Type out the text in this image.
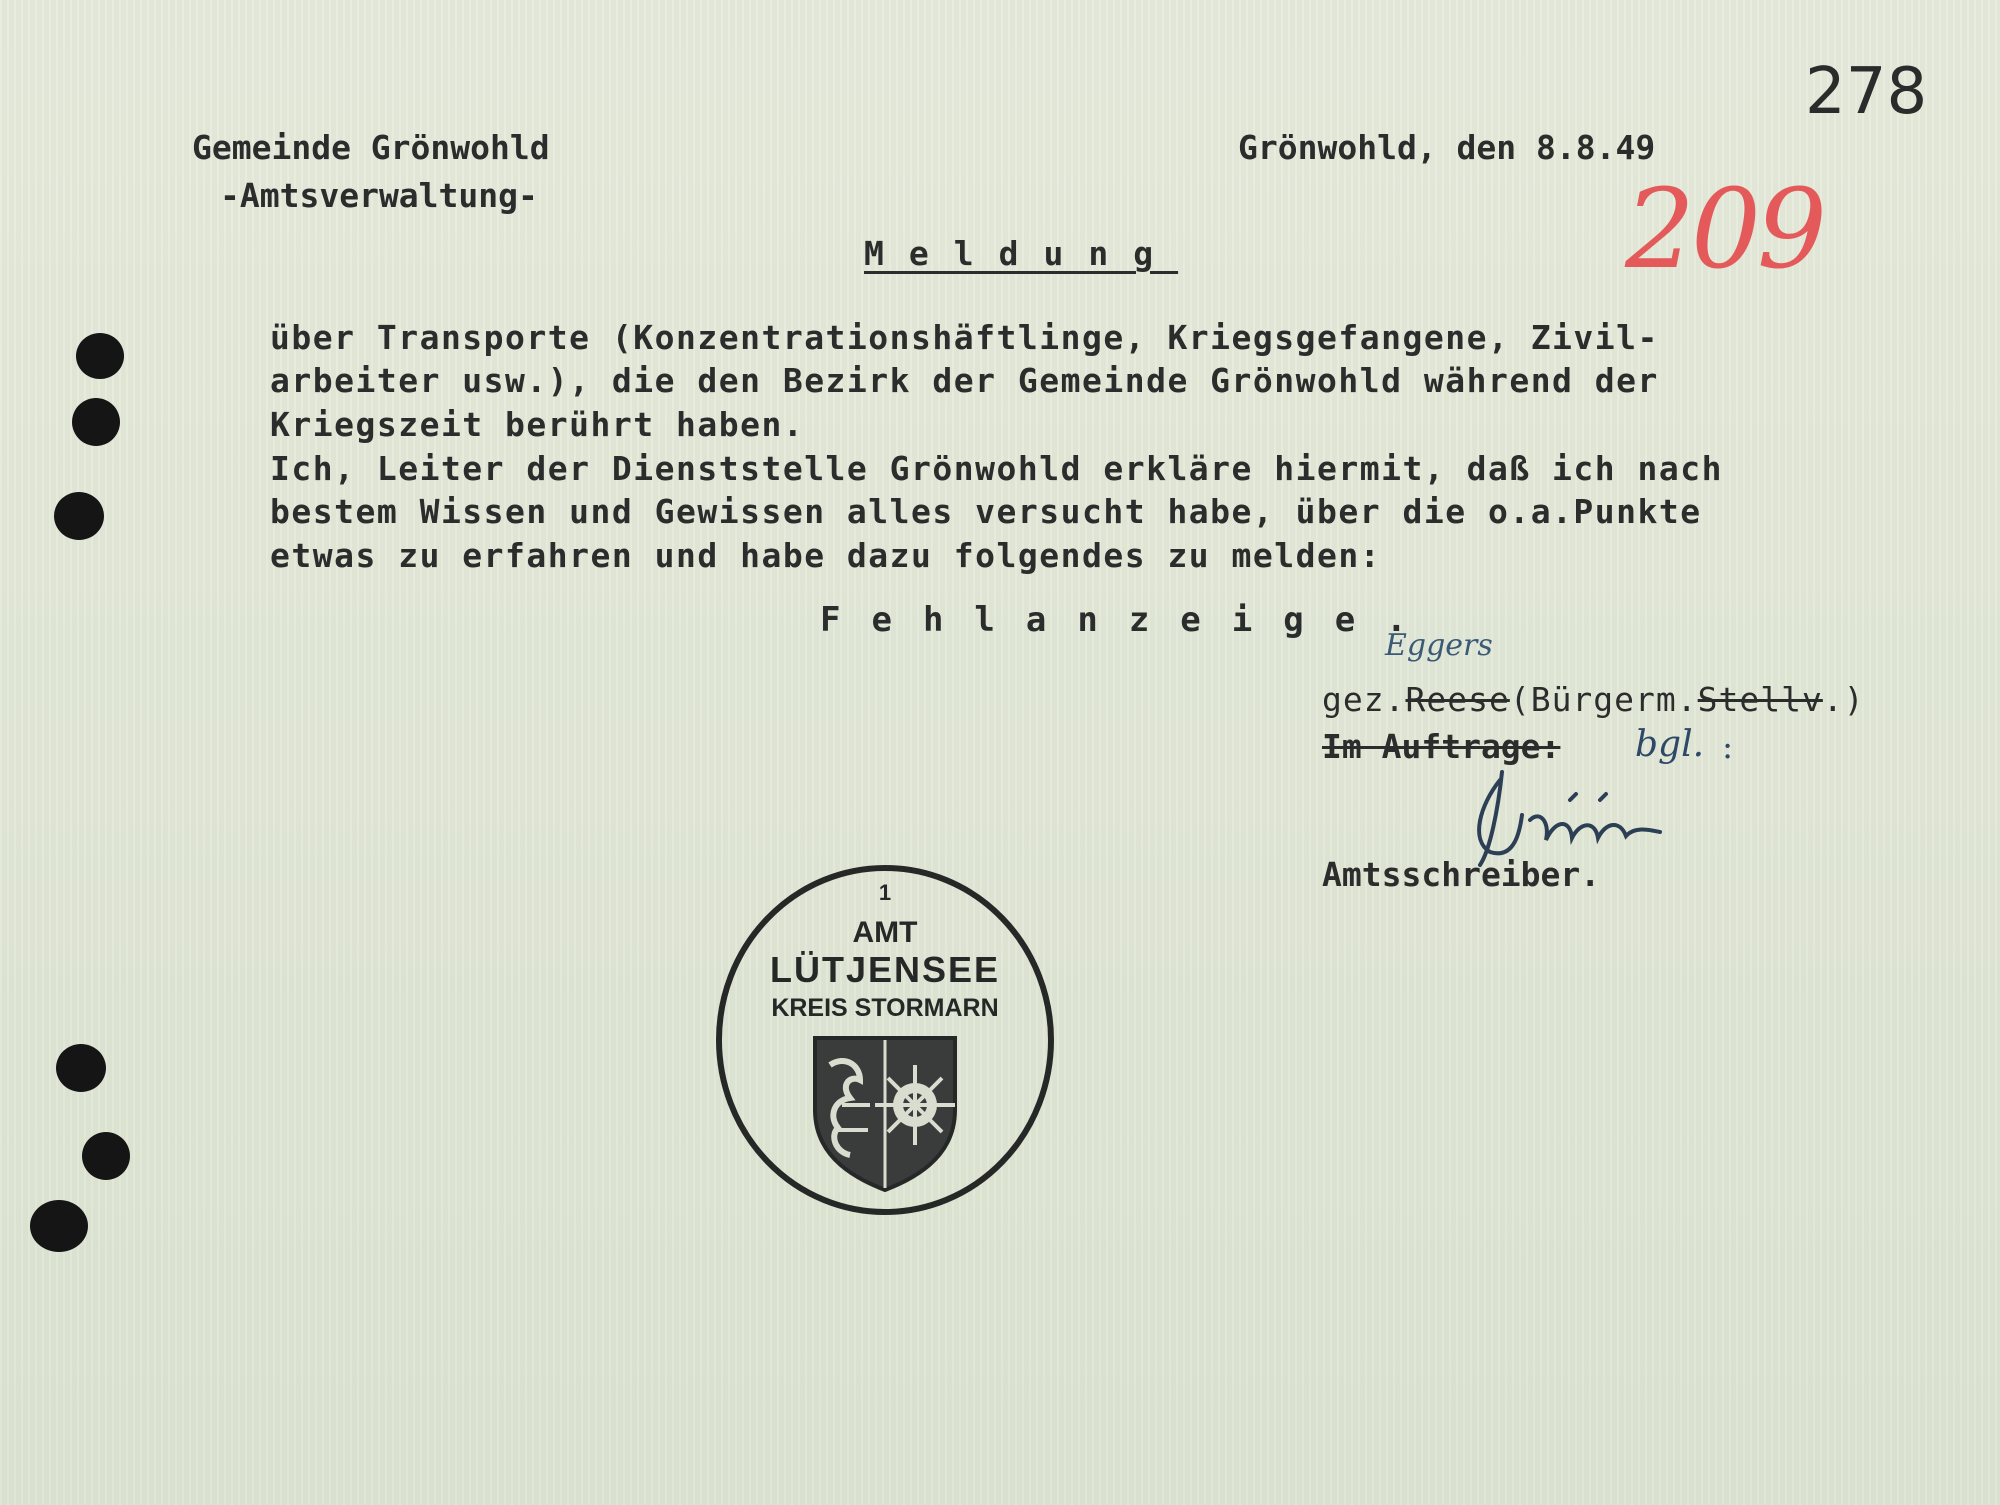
278
209
Gemeinde Grönwohld
-Amtsverwaltung-
Grönwohld, den 8.8.49
Meldung
über Transporte (Konzentrationshäftlinge, Kriegsgefangene, Zivil-
arbeiter usw.), die den Bezirk der Gemeinde Grönwohld während der
Kriegszeit berührt haben.
Ich, Leiter der Dienststelle Grönwohld erkläre hiermit, daß ich nach
bestem Wissen und Gewissen alles versucht habe, über die o.a.Punkte
etwas zu erfahren und habe dazu folgendes zu melden:
Fehlanzeige.
Eggers
gez.Reese(Bürgerm.Stellv.)
Im Auftrage: bgl. :
Amtsschreiber.
1
AMT
LÜTJENSEE
KREIS STORMARN
